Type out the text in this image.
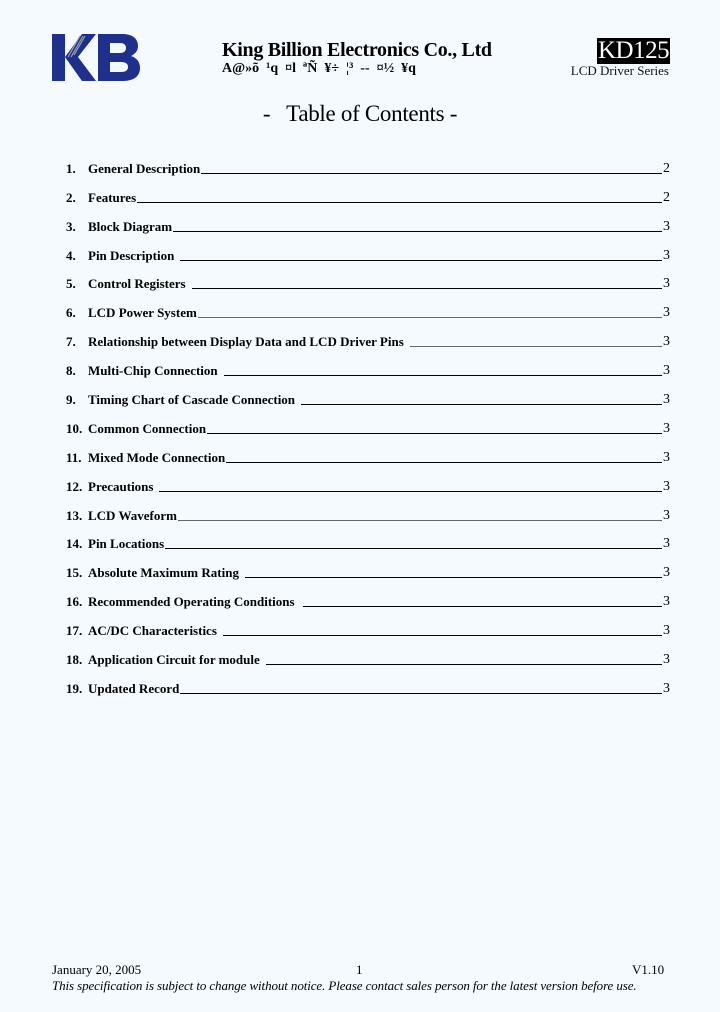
King Billion Electronics Co., Ltd
A@»õ  ¹q  ¤l  ªÑ  ¥÷  ¦³  --  ¤½  ¥q
KD125
LCD Driver Series
-   Table of Contents -
1. General Description	2
2. Features	2
3. Block Diagram	3
4. Pin Description	3
5. Control Registers	3
6. LCD Power System	3
7. Relationship between Display Data and LCD Driver Pins	3
8. Multi-Chip Connection	3
9. Timing Chart of Cascade Connection	3
10. Common Connection	3
11. Mixed Mode Connection	3
12. Precautions	3
13. LCD Waveform	3
14. Pin Locations	3
15. Absolute Maximum Rating	3
16. Recommended Operating Conditions	3
17. AC/DC Characteristics	3
18. Application Circuit for module	3
19. Updated Record	3
January 20, 2005	1	V1.10
This specification is subject to change without notice. Please contact sales person for the latest version before use.
